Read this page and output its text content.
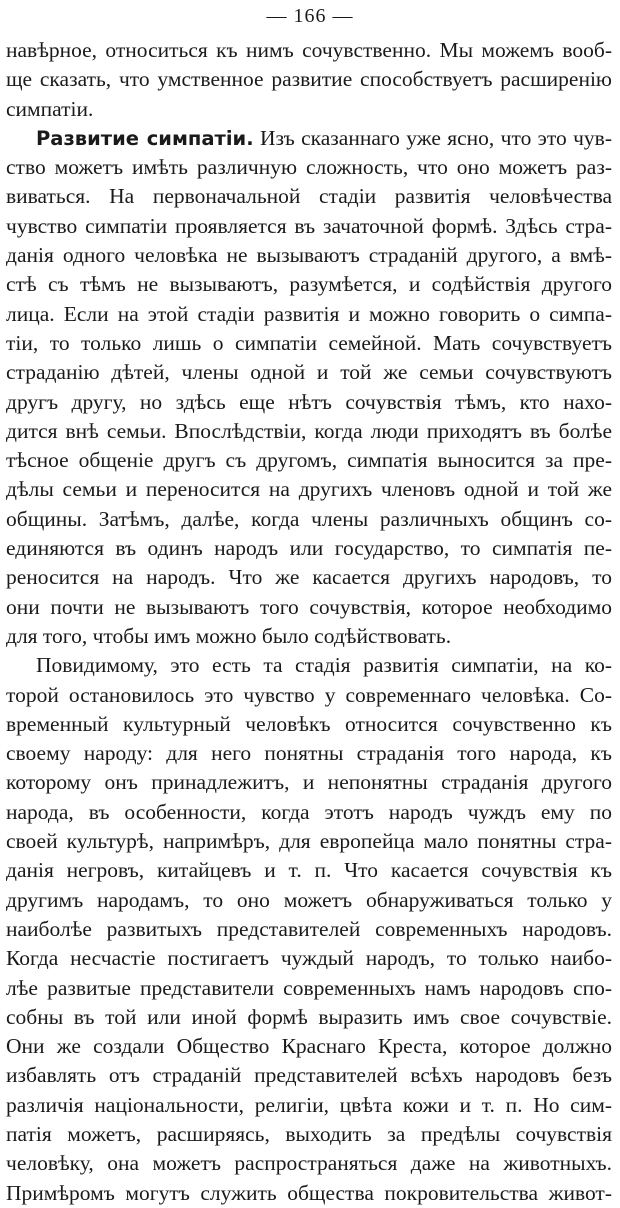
— 166 —
навѣрное, относиться къ нимъ сочувственно. Мы можемъ вооб-
ще сказать, что умственное развитие способствуетъ расширенію
симпатіи.
Развитие симпатіи. Изъ сказаннаго уже ясно, что это чув-
ство можетъ имѣть различную сложность, что оно можетъ раз-
виваться. На первоначальной стадіи развитія человѣчества
чувство симпатіи проявляется въ зачаточной формѣ. Здѣсь стра-
данія одного человѣка не вызываютъ страданій другого, а вмѣ-
стѣ съ тѣмъ не вызываютъ, разумѣется, и содѣйствія другого
лица. Если на этой стадіи развитія и можно говорить о симпа-
тіи, то только лишь о симпатіи семейной. Мать сочувствуетъ
страданію дѣтей, члены одной и той же семьи сочувствуютъ
другъ другу, но здѣсь еще нѣтъ сочувствія тѣмъ, кто нахо-
дится внѣ семьи. Впослѣдствіи, когда люди приходятъ въ болѣе
тѣсное общеніе другъ съ другомъ, симпатія выносится за пре-
дѣлы семьи и переносится на другихъ членовъ одной и той же
общины. Затѣмъ, далѣе, когда члены различныхъ общинъ со-
единяются въ одинъ народъ или государство, то симпатія пе-
реносится на народъ. Что же касается другихъ народовъ, то
они почти не вызываютъ того сочувствія, которое необходимо
для того, чтобы имъ можно было содѣйствовать.
Повидимому, это есть та стадія развитія симпатіи, на ко-
торой остановилось это чувство у современнаго человѣка. Со-
временный культурный человѣкъ относится сочувственно къ
своему народу: для него понятны страданія того народа, къ
которому онъ принадлежитъ, и непонятны страданія другого
народа, въ особенности, когда этотъ народъ чуждъ ему по
своей культурѣ, напримѣръ, для европейца мало понятны стра-
данія негровъ, китайцевъ и т. п. Что касается сочувствія къ
другимъ народамъ, то оно можетъ обнаруживаться только у
наиболѣе развитыхъ представителей современныхъ народовъ.
Когда несчастіе постигаетъ чуждый народъ, то только наибо-
лѣе развитые представители современныхъ намъ народовъ спо-
собны въ той или иной формѣ выразить имъ свое сочувствіе.
Они же создали Общество Краснаго Креста, которое должно
избавлять отъ страданій представителей всѣхъ народовъ безъ
различія національности, религіи, цвѣта кожи и т. п. Но сим-
патія можетъ, расширяясь, выходить за предѣлы сочувствія
человѣку, она можетъ распространяться даже на животныхъ.
Примѣромъ могутъ служить общества покровительства живот-
